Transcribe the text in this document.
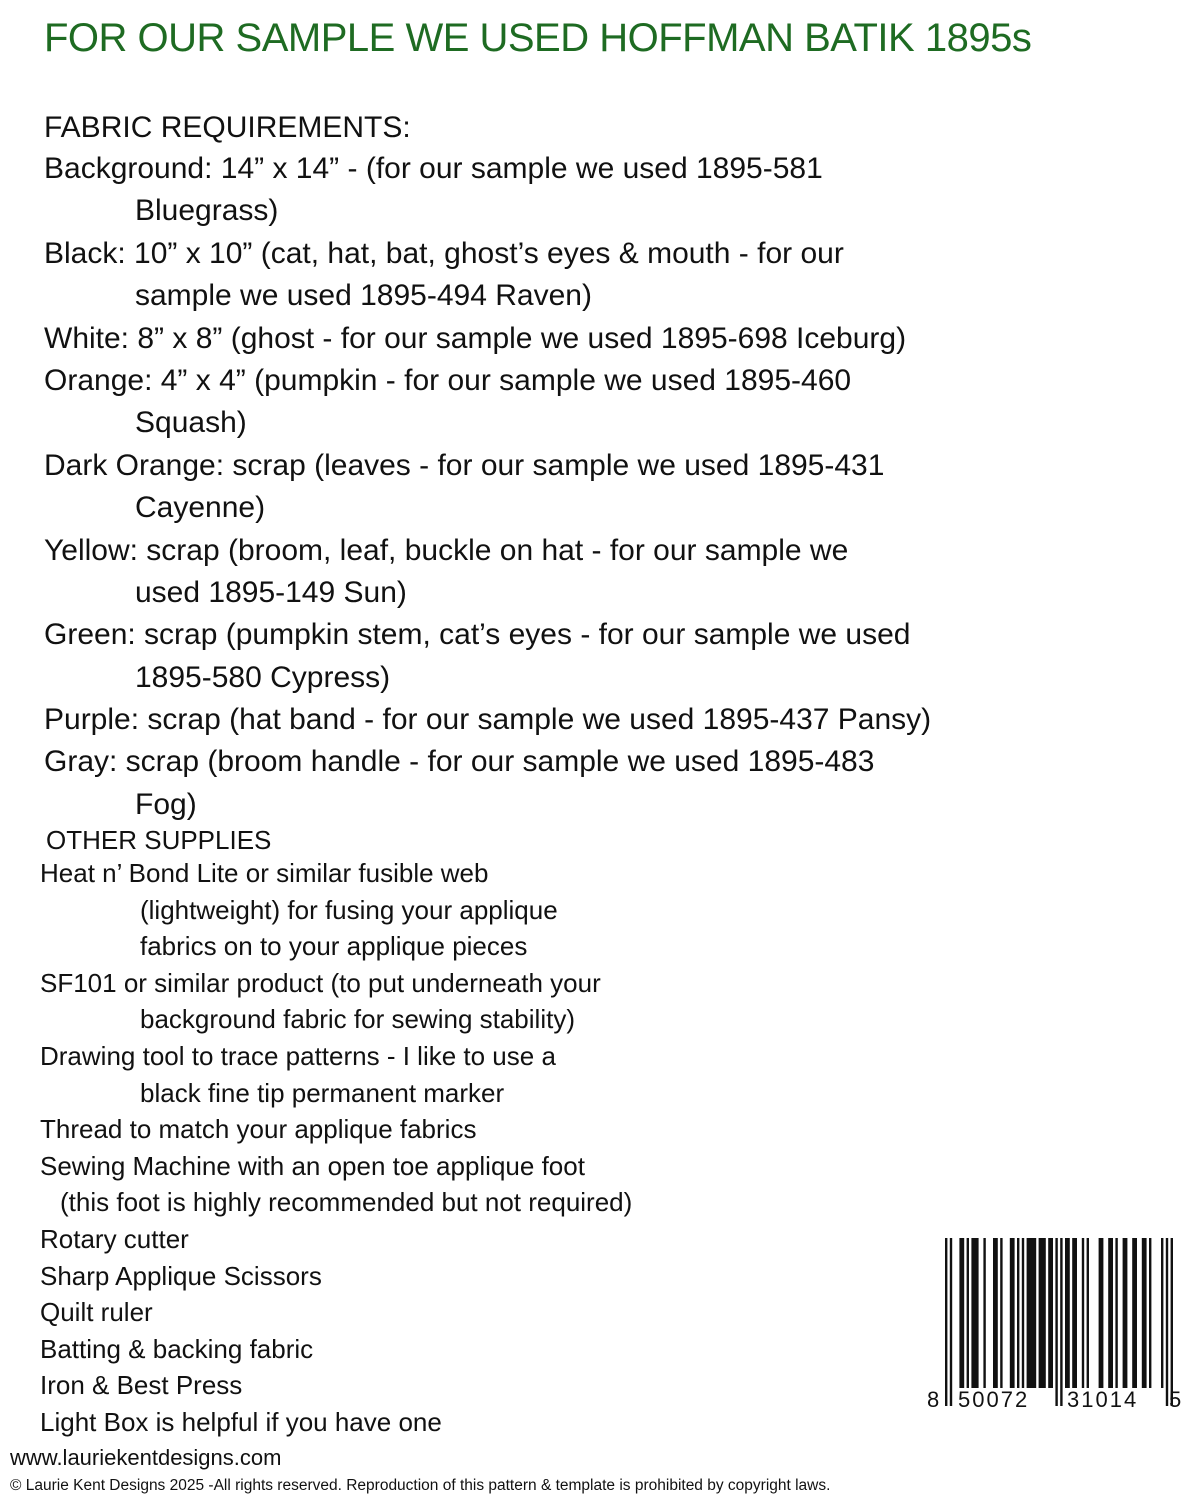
FOR OUR SAMPLE WE USED HOFFMAN BATIK 1895s
FABRIC REQUIREMENTS:
Background: 14” x 14” - (for our sample we used 1895-581
Bluegrass)
Black: 10” x 10” (cat, hat, bat, ghost’s eyes & mouth - for our
sample we used 1895-494 Raven)
White: 8” x 8” (ghost - for our sample we used 1895-698 Iceburg)
Orange: 4” x 4” (pumpkin - for our sample we used 1895-460
Squash)
Dark Orange: scrap (leaves - for our sample we used 1895-431
Cayenne)
Yellow: scrap (broom, leaf, buckle on hat - for our sample we
used 1895-149 Sun)
Green: scrap (pumpkin stem, cat’s eyes - for our sample we used
1895-580 Cypress)
Purple: scrap (hat band - for our sample we used 1895-437 Pansy)
Gray: scrap (broom handle - for our sample we used 1895-483
Fog)
OTHER SUPPLIES
Heat n’ Bond Lite or similar fusible web
(lightweight) for fusing your applique
fabrics on to your applique pieces
SF101 or similar product (to put underneath your
background fabric for sewing stability)
Drawing tool to trace patterns - I like to use a
black fine tip permanent marker
Thread to match your applique fabrics
Sewing Machine with an open toe applique foot
(this foot is highly recommended but not required)
Rotary cutter
Sharp Applique Scissors
Quilt ruler
Batting & backing fabric
Iron & Best Press
Light Box is helpful if you have one
8 50072 31014 5
www.lauriekentdesigns.com
© Laurie Kent Designs 2025 -All rights reserved. Reproduction of this pattern & template is prohibited by copyright laws.
